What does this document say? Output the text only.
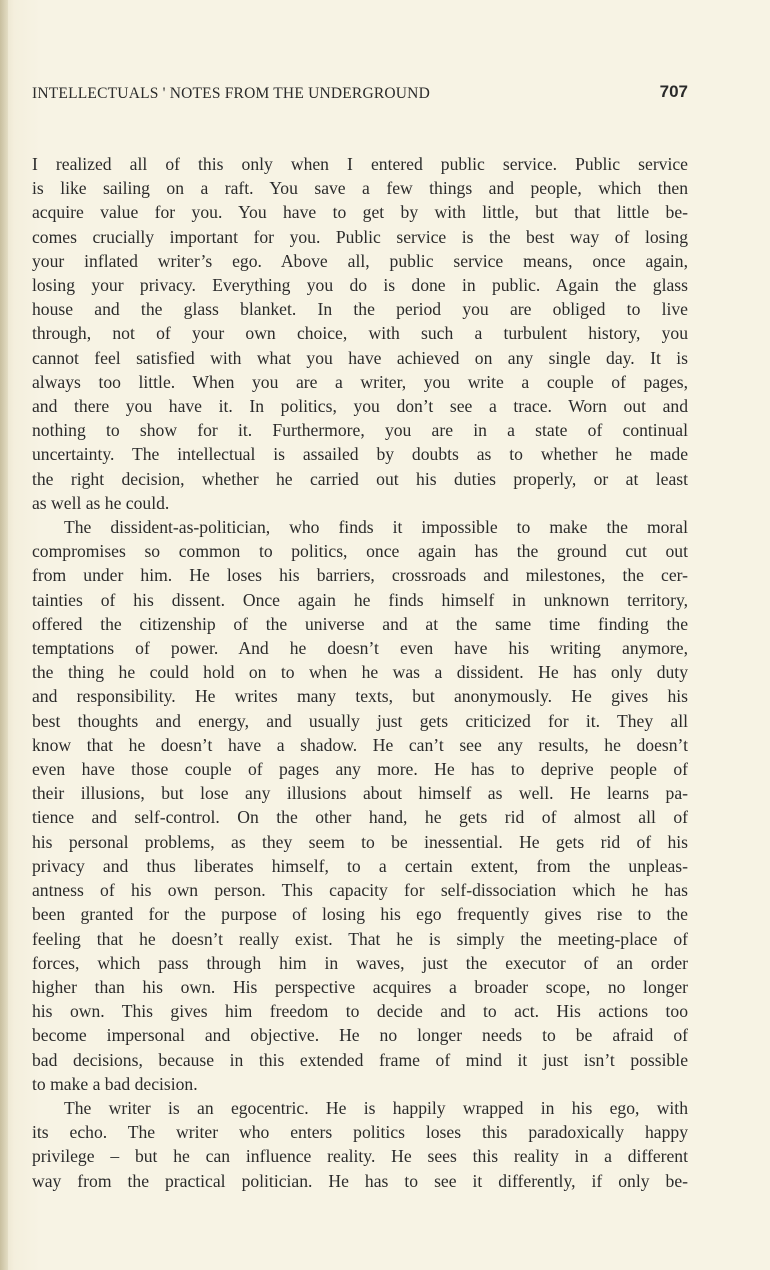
INTELLECTUALS ' NOTES FROM THE UNDERGROUND	707
I realized all of this only when I entered public service. Public service
is like sailing on a raft. You save a few things and people, which then
acquire value for you. You have to get by with little, but that little be-
comes crucially important for you. Public service is the best way of losing
your inflated writer’s ego. Above all, public service means, once again,
losing your privacy. Everything you do is done in public. Again the glass
house and the glass blanket. In the period you are obliged to live
through, not of your own choice, with such a turbulent history, you
cannot feel satisfied with what you have achieved on any single day. It is
always too little. When you are a writer, you write a couple of pages,
and there you have it. In politics, you don’t see a trace. Worn out and
nothing to show for it. Furthermore, you are in a state of continual
uncertainty. The intellectual is assailed by doubts as to whether he made
the right decision, whether he carried out his duties properly, or at least
as well as he could.
The dissident-as-politician, who finds it impossible to make the moral
compromises so common to politics, once again has the ground cut out
from under him. He loses his barriers, crossroads and milestones, the cer-
tainties of his dissent. Once again he finds himself in unknown territory,
offered the citizenship of the universe and at the same time finding the
temptations of power. And he doesn’t even have his writing anymore,
the thing he could hold on to when he was a dissident. He has only duty
and responsibility. He writes many texts, but anonymously. He gives his
best thoughts and energy, and usually just gets criticized for it. They all
know that he doesn’t have a shadow. He can’t see any results, he doesn’t
even have those couple of pages any more. He has to deprive people of
their illusions, but lose any illusions about himself as well. He learns pa-
tience and self-control. On the other hand, he gets rid of almost all of
his personal problems, as they seem to be inessential. He gets rid of his
privacy and thus liberates himself, to a certain extent, from the unpleas-
antness of his own person. This capacity for self-dissociation which he has
been granted for the purpose of losing his ego frequently gives rise to the
feeling that he doesn’t really exist. That he is simply the meeting-place of
forces, which pass through him in waves, just the executor of an order
higher than his own. His perspective acquires a broader scope, no longer
his own. This gives him freedom to decide and to act. His actions too
become impersonal and objective. He no longer needs to be afraid of
bad decisions, because in this extended frame of mind it just isn’t possible
to make a bad decision.
The writer is an egocentric. He is happily wrapped in his ego, with
its echo. The writer who enters politics loses this paradoxically happy
privilege – but he can influence reality. He sees this reality in a different
way from the practical politician. He has to see it differently, if only be-
